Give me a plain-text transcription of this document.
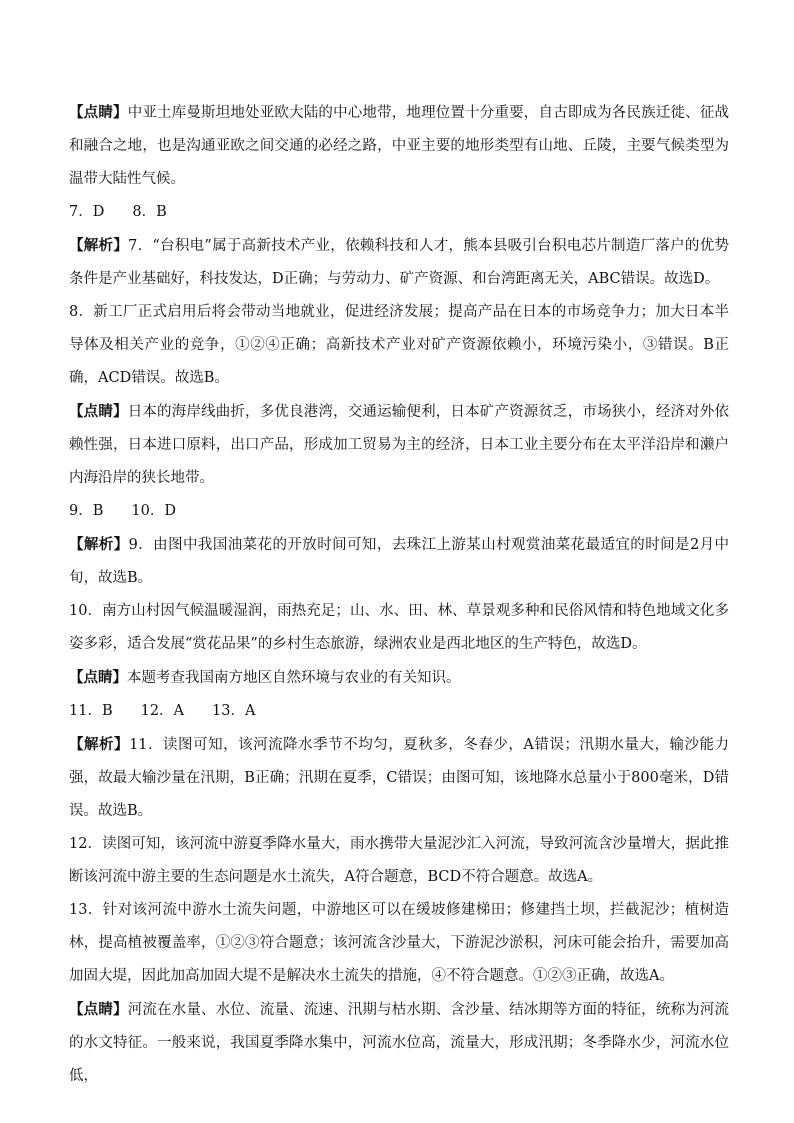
【点睛】中亚土库曼斯坦地处亚欧大陆的中心地带，地理位置十分重要，自古即成为各民族迁徙、征战和融合之地，也是沟通亚欧之间交通的必经之路，中亚主要的地形类型有山地、丘陵，主要气候类型为温带大陆性气候。

7．D 8．B

【解析】7．“台积电”属于高新技术产业，依赖科技和人才，熊本县吸引台积电芯片制造厂落户的优势条件是产业基础好，科技发达，D正确；与劳动力、矿产资源、和台湾距离无关，ABC错误。故选D。

8．新工厂正式启用后将会带动当地就业，促进经济发展；提高产品在日本的市场竞争力；加大日本半导体及相关产业的竞争，①②④正确；高新技术产业对矿产资源依赖小，环境污染小，③错误。B正确，ACD错误。故选B。

【点睛】日本的海岸线曲折，多优良港湾，交通运输便利，日本矿产资源贫乏，市场狭小，经济对外依赖性强，日本进口原料，出口产品，形成加工贸易为主的经济，日本工业主要分布在太平洋沿岸和濑户内海沿岸的狭长地带。

9．B 10．D

【解析】9．由图中我国油菜花的开放时间可知，去珠江上游某山村观赏油菜花最适宜的时间是2月中旬，故选B。

10．南方山村因气候温暖湿润，雨热充足；山、水、田、林、草景观多种和民俗风情和特色地域文化多姿多彩，适合发展“赏花品果”的乡村生态旅游，绿洲农业是西北地区的生产特色，故选D。

【点睛】本题考查我国南方地区自然环境与农业的有关知识。

11．B 12．A 13．A

【解析】11．读图可知，该河流降水季节不均匀，夏秋多，冬春少，A错误；汛期水量大，输沙能力强，故最大输沙量在汛期，B正确；汛期在夏季，C错误；由图可知，该地降水总量小于800毫米，D错误。故选B。

12．读图可知，该河流中游夏季降水量大，雨水携带大量泥沙汇入河流，导致河流含沙量增大，据此推断该河流中游主要的生态问题是水土流失，A符合题意，BCD不符合题意。故选A。

13．针对该河流中游水土流失问题，中游地区可以在缓坡修建梯田；修建挡土坝，拦截泥沙；植树造林，提高植被覆盖率，①②③符合题意；该河流含沙量大，下游泥沙淤积，河床可能会抬升，需要加高加固大堤，因此加高加固大堤不是解决水土流失的措施，④不符合题意。①②③正确，故选A。

【点睛】河流在水量、水位、流量、流速、汛期与枯水期、含沙量、结冰期等方面的特征，统称为河流的水文特征。一般来说，我国夏季降水集中，河流水位高，流量大，形成汛期；冬季降水少，河流水位低，
